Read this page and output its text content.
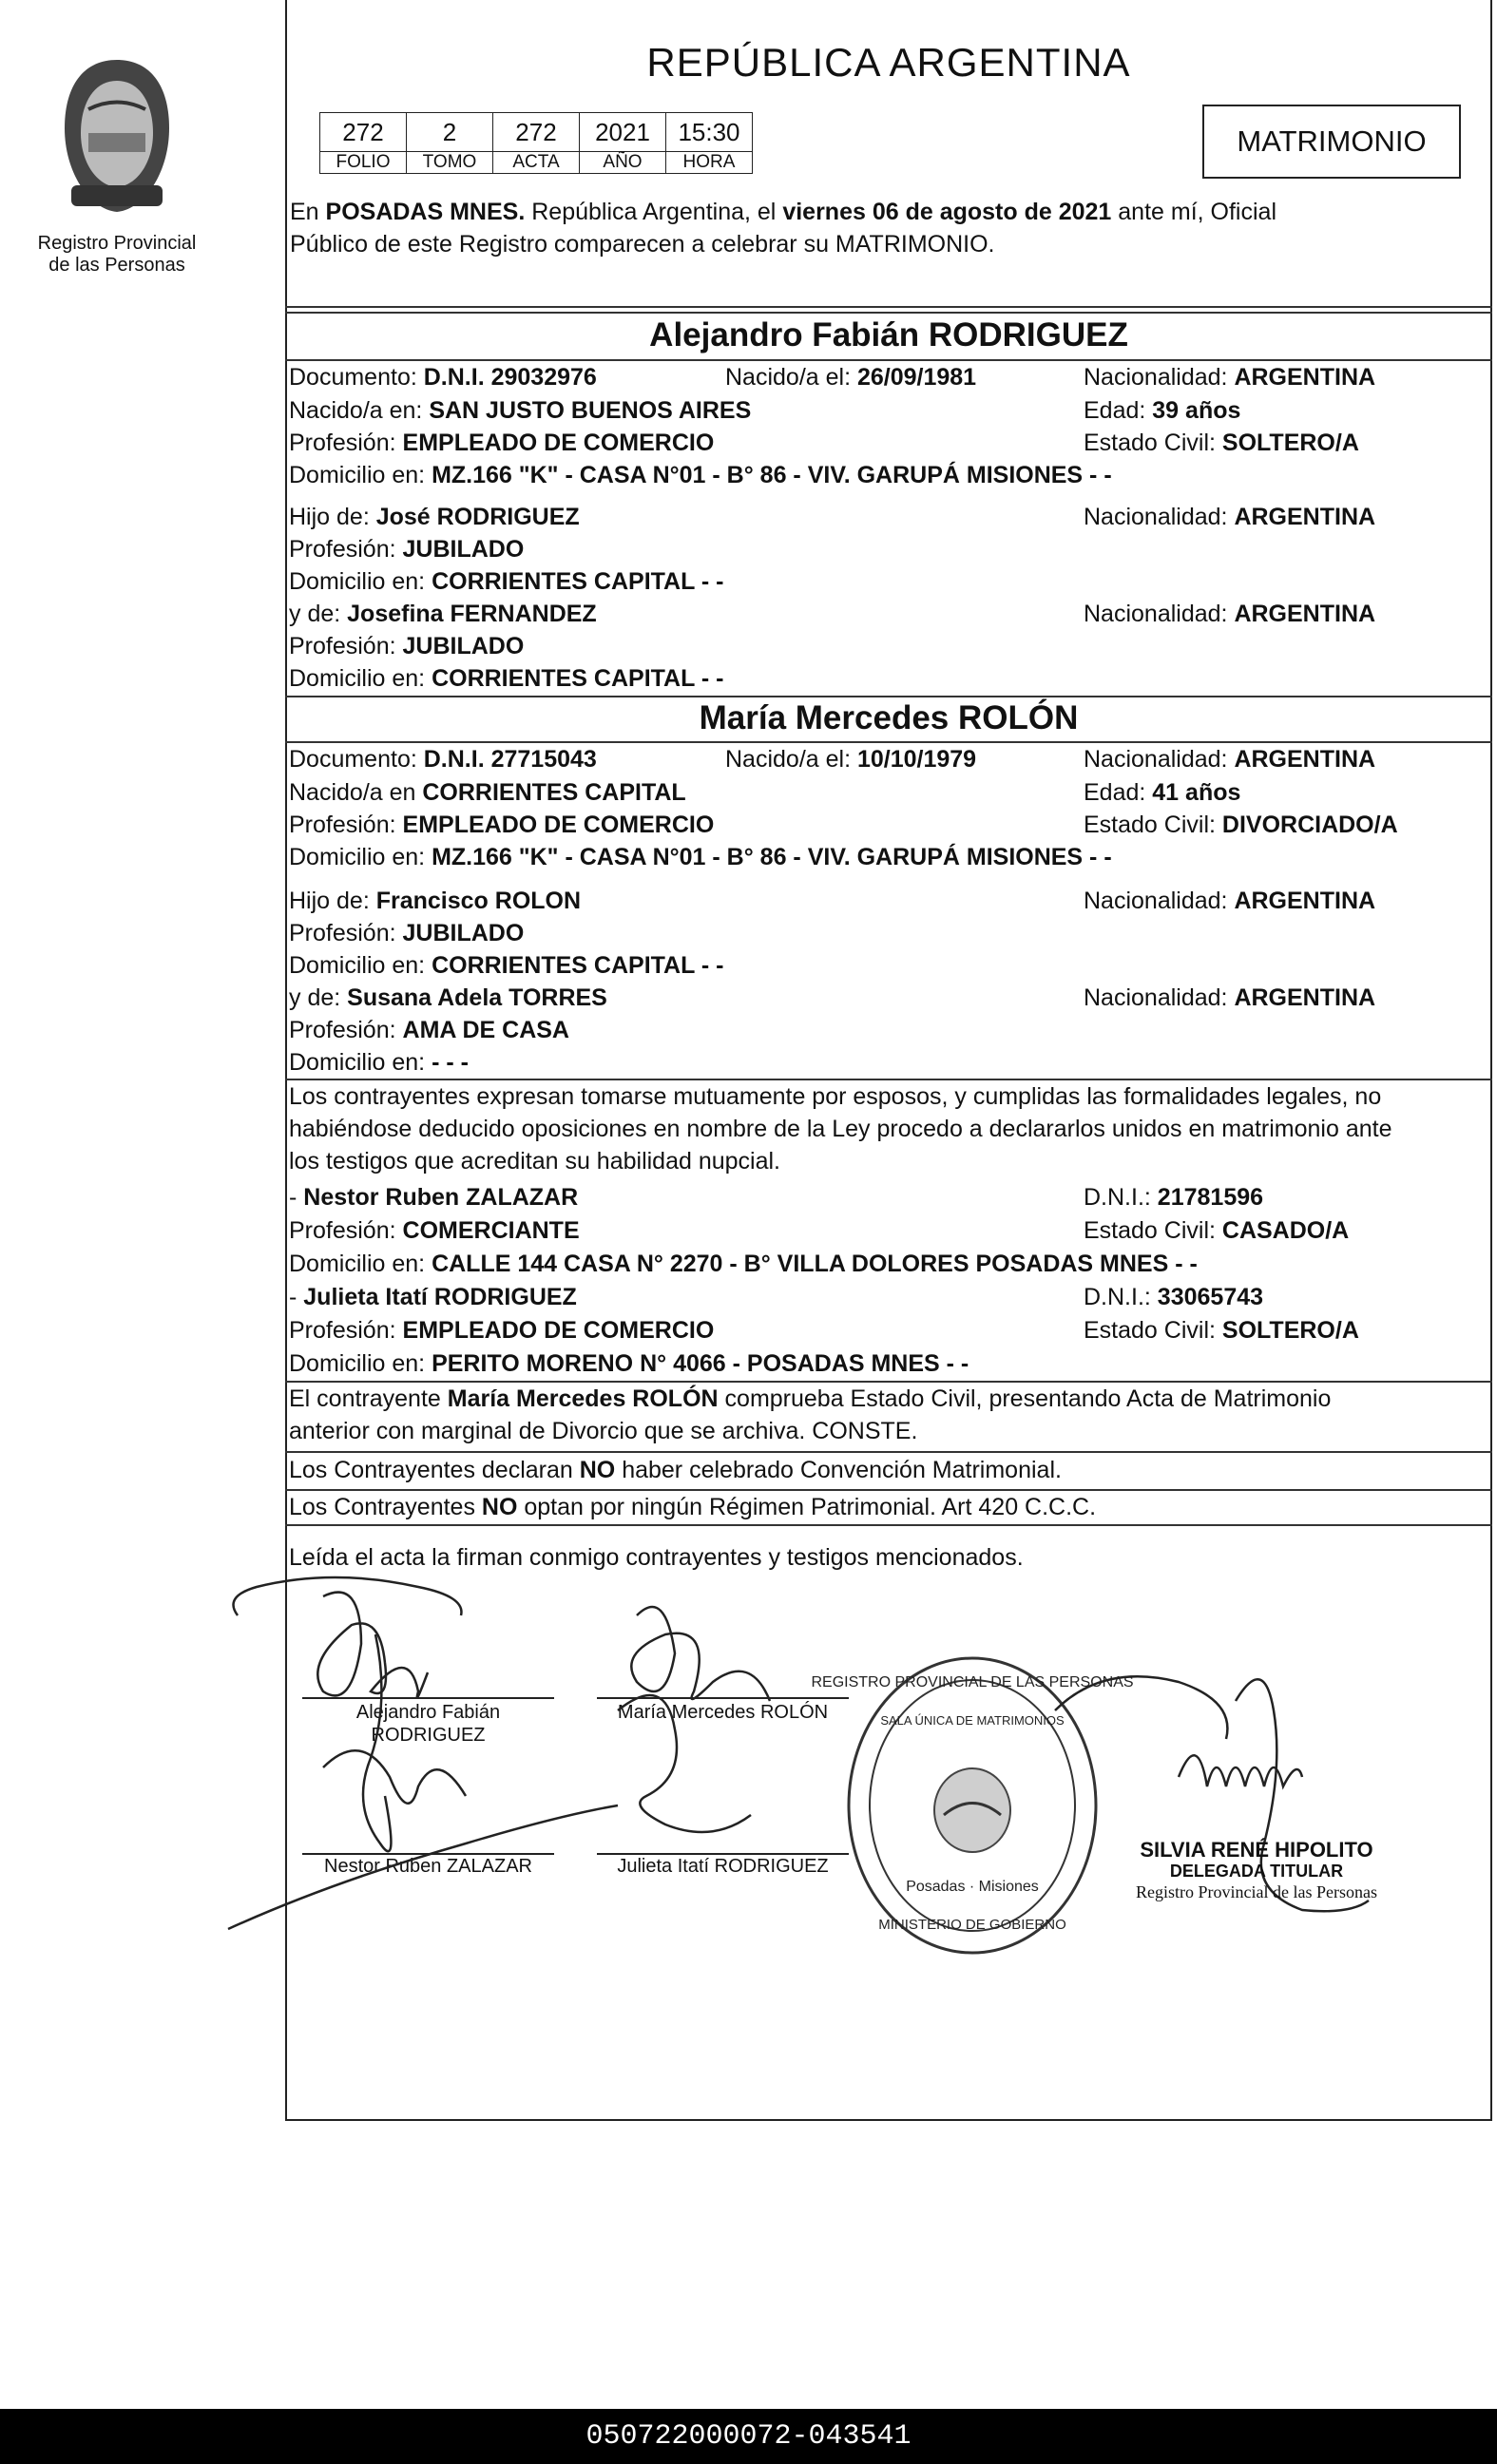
Registro Provincial
de las Personas
REPÚBLICA ARGENTINA
272	2	272	2021	15:30
FOLIO	TOMO	ACTA	AÑO	HORA
MATRIMONIO
En POSADAS MNES. República Argentina, el viernes 06 de agosto de 2021 ante mí, Oficial
Público de este Registro comparecen a celebrar su MATRIMONIO.
Alejandro Fabián RODRIGUEZ
Documento: D.N.I. 29032976	Nacido/a el: 26/09/1981	Nacionalidad: ARGENTINA
Nacido/a en: SAN JUSTO BUENOS AIRES	Edad: 39 años
Profesión: EMPLEADO DE COMERCIO	Estado Civil: SOLTERO/A
Domicilio en: MZ.166 "K" - CASA N°01 - B° 86 - VIV. GARUPÁ MISIONES - -
Hijo de: José RODRIGUEZ	Nacionalidad: ARGENTINA
Profesión: JUBILADO
Domicilio en: CORRIENTES CAPITAL - -
y de: Josefina FERNANDEZ	Nacionalidad: ARGENTINA
Profesión: JUBILADO
Domicilio en: CORRIENTES CAPITAL - -
María Mercedes ROLÓN
Documento: D.N.I. 27715043	Nacido/a el: 10/10/1979	Nacionalidad: ARGENTINA
Nacido/a en CORRIENTES CAPITAL	Edad: 41 años
Profesión: EMPLEADO DE COMERCIO	Estado Civil: DIVORCIADO/A
Domicilio en: MZ.166 "K" - CASA N°01 - B° 86 - VIV. GARUPÁ MISIONES - -
Hijo de: Francisco ROLON	Nacionalidad: ARGENTINA
Profesión: JUBILADO
Domicilio en: CORRIENTES CAPITAL - -
y de: Susana Adela TORRES	Nacionalidad: ARGENTINA
Profesión: AMA DE CASA
Domicilio en: - - -
Los contrayentes expresan tomarse mutuamente por esposos, y cumplidas las formalidades legales, no
habiéndose deducido oposiciones en nombre de la Ley procedo a declararlos unidos en matrimonio ante
los testigos que acreditan su habilidad nupcial.
- Nestor Ruben ZALAZAR	D.N.I.: 21781596
Profesión: COMERCIANTE	Estado Civil: CASADO/A
Domicilio en: CALLE 144 CASA N° 2270 - B° VILLA DOLORES POSADAS MNES - -
- Julieta Itatí RODRIGUEZ	D.N.I.: 33065743
Profesión: EMPLEADO DE COMERCIO	Estado Civil: SOLTERO/A
Domicilio en: PERITO MORENO N° 4066 - POSADAS MNES - -
El contrayente María Mercedes ROLÓN comprueba Estado Civil, presentando Acta de Matrimonio
anterior con marginal de Divorcio que se archiva. CONSTE.
Los Contrayentes declaran NO haber celebrado Convención Matrimonial.
Los Contrayentes NO optan por ningún Régimen Patrimonial. Art 420 C.C.C.
Leída el acta la firman conmigo contrayentes y testigos mencionados.
Alejandro Fabián
RODRIGUEZ
María Mercedes ROLÓN
Nestor Ruben ZALAZAR	Julieta Itatí RODRIGUEZ
REGISTRO PROVINCIAL DE LAS PERSONAS
SALA ÚNICA DE MATRIMONIOS
Posadas · Misiones
MINISTERIO DE GOBIERNO
SILVIA RENÉ HIPOLITO
DELEGADA TITULAR
Registro Provincial de las Personas
050722000072-043541
